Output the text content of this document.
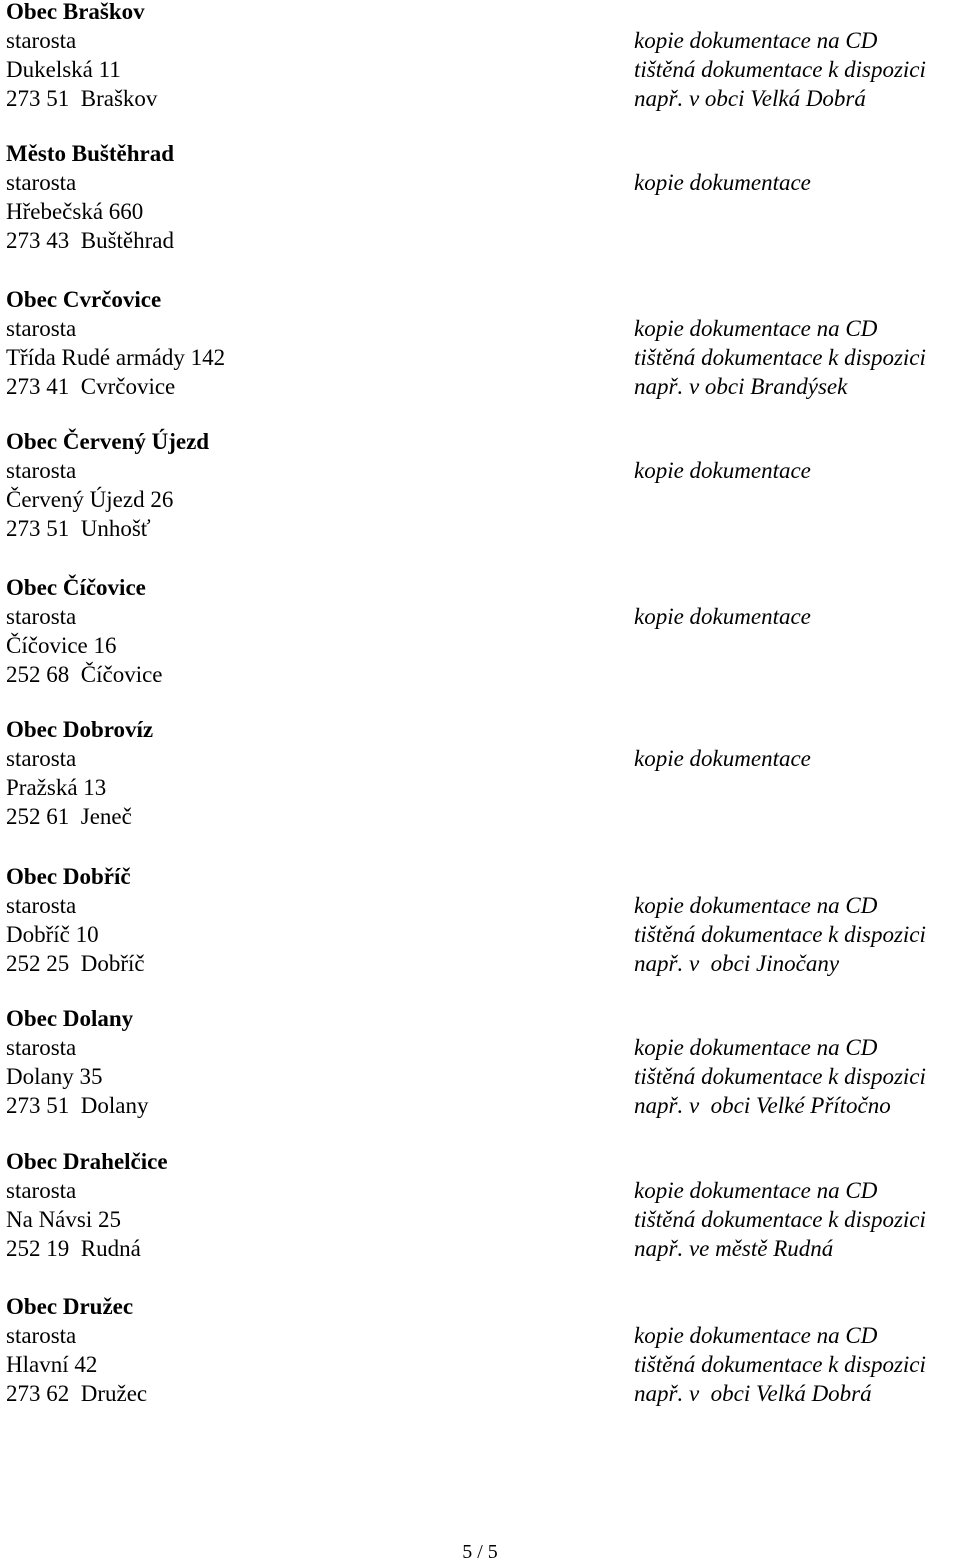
Obec Braškov
starosta
Dukelská 11
273 51  Braškov
kopie dokumentace na CD
tištěná dokumentace k dispozici
např. v obci Velká Dobrá
Město Buštěhrad
starosta
Hřebečská 660
273 43  Buštěhrad
kopie dokumentace
Obec Cvrčovice
starosta
Třída Rudé armády 142
273 41  Cvrčovice
kopie dokumentace na CD
tištěná dokumentace k dispozici
např. v obci Brandýsek
Obec Červený Újezd
starosta
Červený Újezd 26
273 51  Unhošť
kopie dokumentace
Obec Číčovice
starosta
Číčovice 16
252 68  Číčovice
kopie dokumentace
Obec Dobrovíz
starosta
Pražská 13
252 61  Jeneč
kopie dokumentace
Obec Dobříč
starosta
Dobříč 10
252 25  Dobříč
kopie dokumentace na CD
tištěná dokumentace k dispozici
např. v  obci Jinočany
Obec Dolany
starosta
Dolany 35
273 51  Dolany
kopie dokumentace na CD
tištěná dokumentace k dispozici
např. v  obci Velké Přítočno
Obec Drahelčice
starosta
Na Návsi 25
252 19  Rudná
kopie dokumentace na CD
tištěná dokumentace k dispozici
např. ve městě Rudná
Obec Družec
starosta
Hlavní 42
273 62  Družec
kopie dokumentace na CD
tištěná dokumentace k dispozici
např. v  obci Velká Dobrá
5 / 5
